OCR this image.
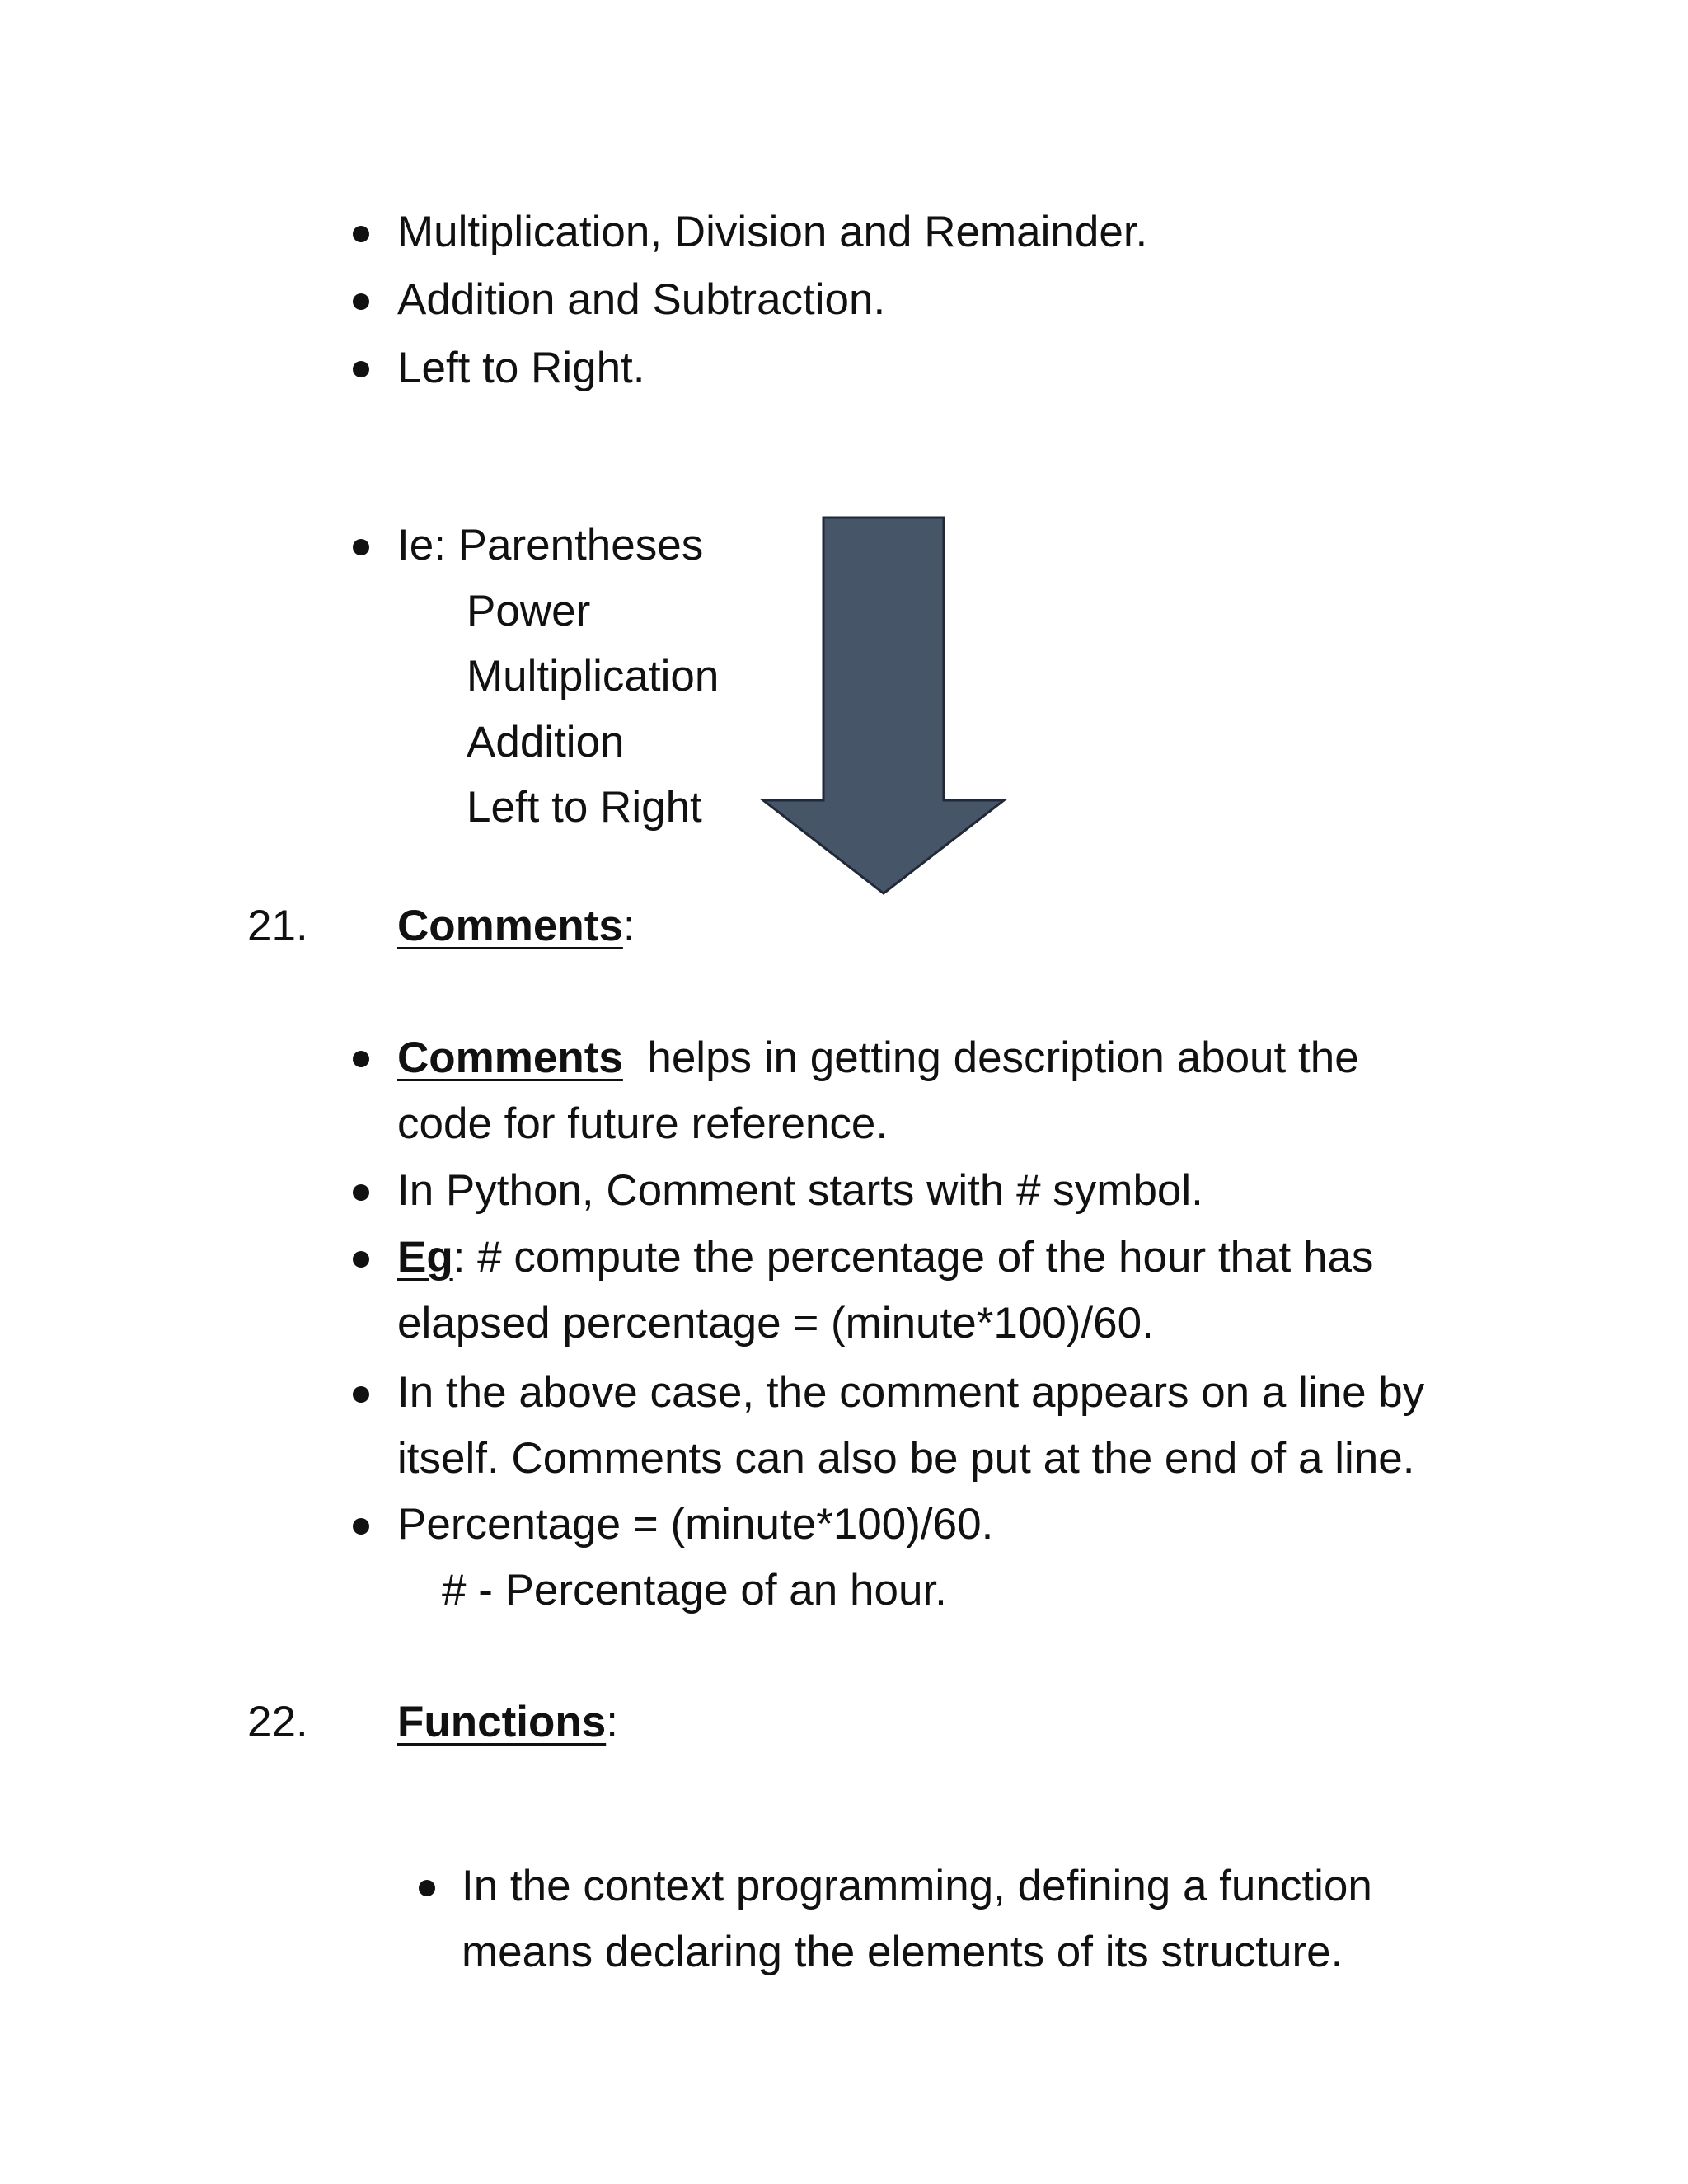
Multiplication, Division and Remainder.
Addition and Subtraction.
Left to Right.
Ie: Parentheses
Power
Multiplication
Addition
Left to Right
21. Comments:
Comments helps in getting description about the
code for future reference.
In Python, Comment starts with # symbol.
Eg: # compute the percentage of the hour that has
elapsed percentage = (minute*100)/60.
In the above case, the comment appears on a line by
itself. Comments can also be put at the end of a line.
Percentage = (minute*100)/60.
# - Percentage of an hour.
22. Functions:
In the context programming, defining a function
means declaring the elements of its structure.
